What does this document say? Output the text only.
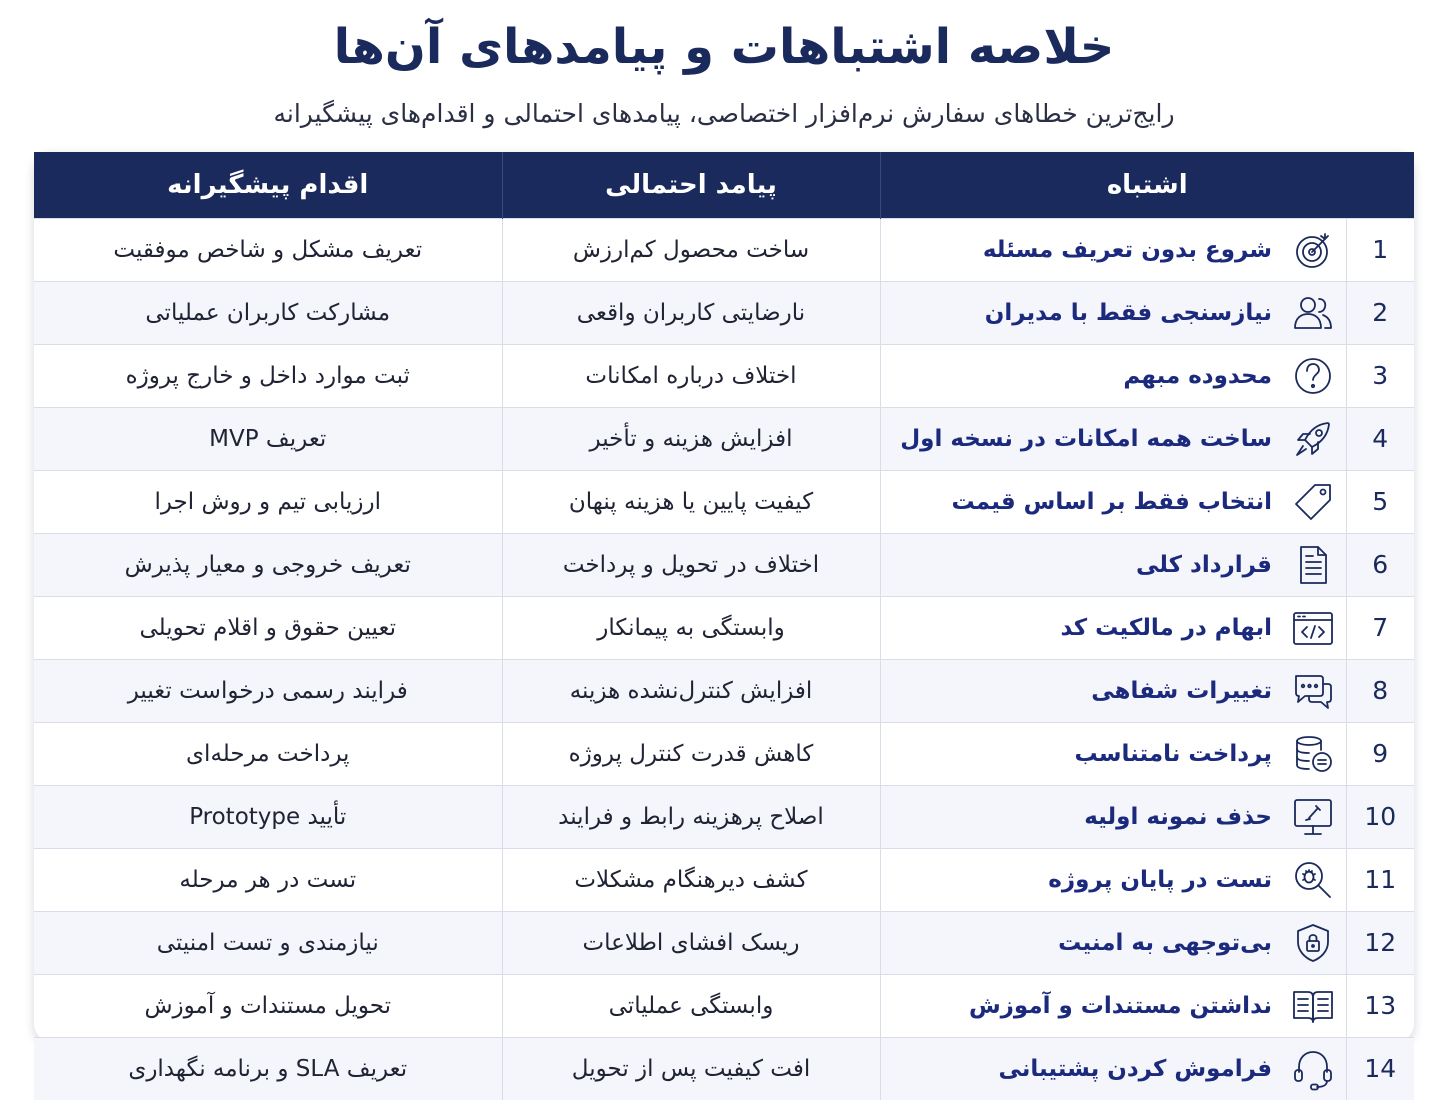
خلاصه اشتباهات و پیامدهای آن‌ها

رایج‌ترین خطاهای سفارش نرم‌افزار اختصاصی، پیامدهای احتمالی و اقدام‌های پیشگیرانه

اشتباه			پیامد احتمالی	اقدام پیشگیرانه
1		شروع بدون تعریف مسئله	ساخت محصول کم‌ارزش	تعریف مشکل و شاخص موفقیت
2		نیازسنجی فقط با مدیران	نارضایتی کاربران واقعی	مشارکت کاربران عملیاتی
3		محدوده مبهم	اختلاف درباره امکانات	ثبت موارد داخل و خارج پروژه
4		ساخت همه امکانات در نسخه اول	افزایش هزینه و تأخیر	تعریف MVP
5		انتخاب فقط بر اساس قیمت	کیفیت پایین یا هزینه پنهان	ارزیابی تیم و روش اجرا
6		قرارداد کلی	اختلاف در تحویل و پرداخت	تعریف خروجی و معیار پذیرش
7		ابهام در مالکیت کد	وابستگی به پیمانکار	تعیین حقوق و اقلام تحویلی
8		تغییرات شفاهی	افزایش کنترل‌نشده هزینه	فرایند رسمی درخواست تغییر
9		پرداخت نامتناسب	کاهش قدرت کنترل پروژه	پرداخت مرحله‌ای
10		حذف نمونه اولیه	اصلاح پرهزینه رابط و فرایند	تأیید Prototype
11		تست در پایان پروژه	کشف دیرهنگام مشکلات	تست در هر مرحله
12		بی‌توجهی به امنیت	ریسک افشای اطلاعات	نیازمندی و تست امنیتی
13		نداشتن مستندات و آموزش	وابستگی عملیاتی	تحویل مستندات و آموزش
14		فراموش کردن پشتیبانی	افت کیفیت پس از تحویل	تعریف SLA و برنامه نگهداری
